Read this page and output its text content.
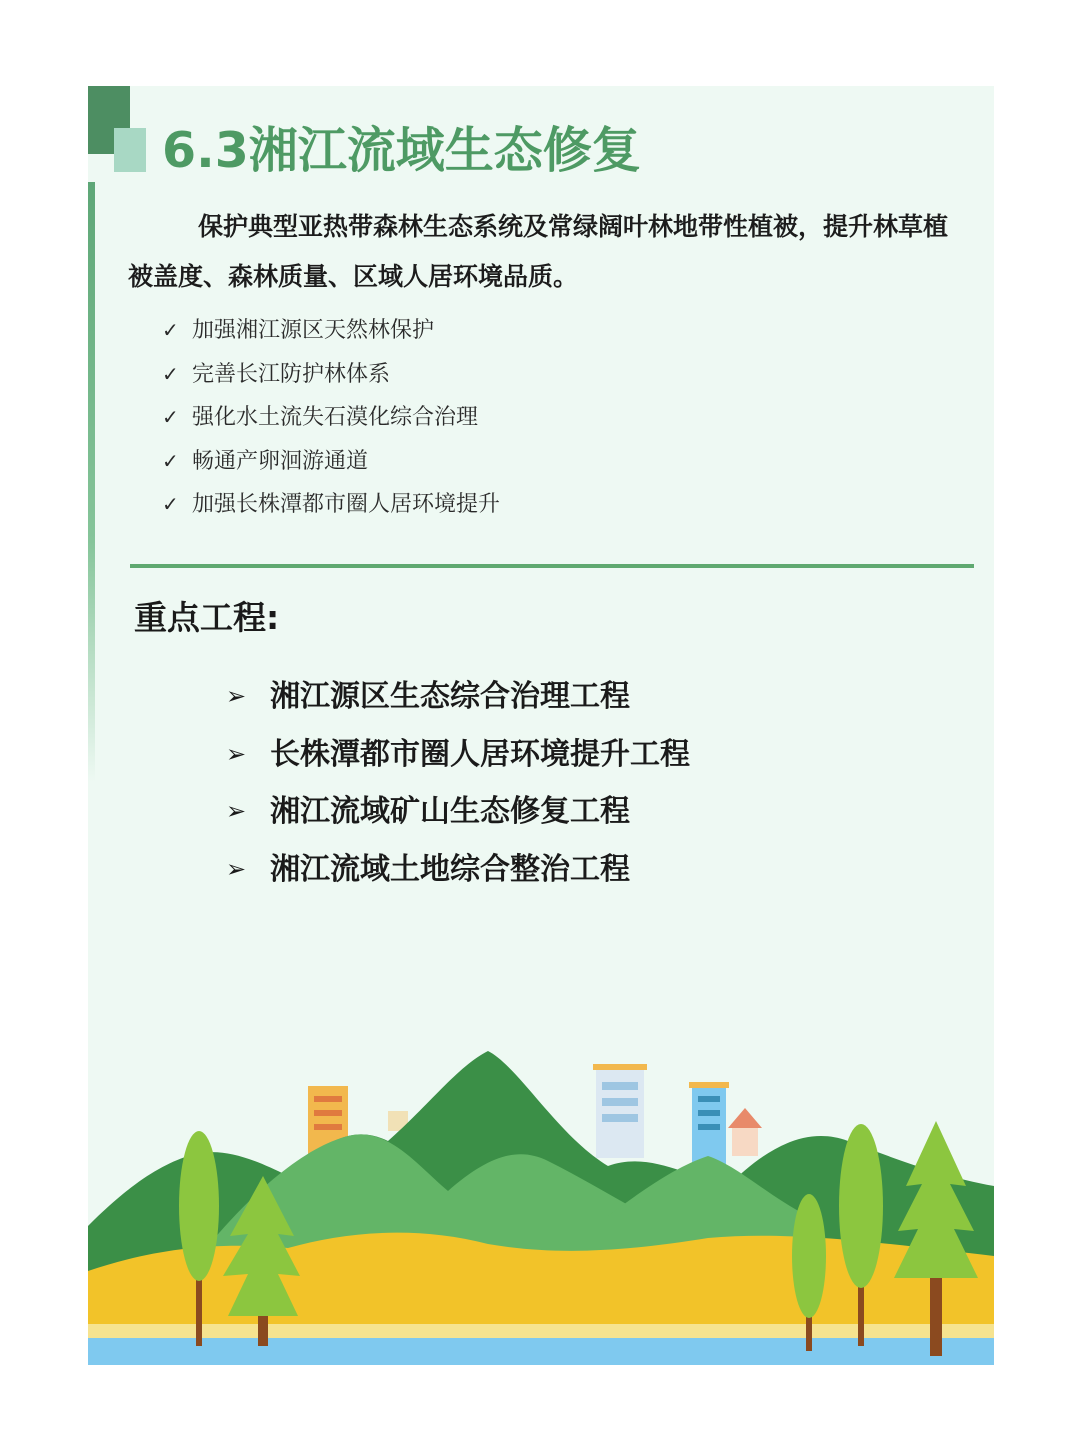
6.3湘江流域生态修复

保护典型亚热带森林生态系统及常绿阔叶林地带性植被，提升林草植被盖度、森林质量、区域人居环境品质。

✓ 加强湘江源区天然林保护
✓ 完善长江防护林体系
✓ 强化水土流失石漠化综合治理
✓ 畅通产卵洄游通道
✓ 加强长株潭都市圈人居环境提升
重点工程:
➢ 湘江源区生态综合治理工程
➢ 长株潭都市圈人居环境提升工程
➢ 湘江流域矿山生态修复工程
➢ 湘江流域土地综合整治工程
